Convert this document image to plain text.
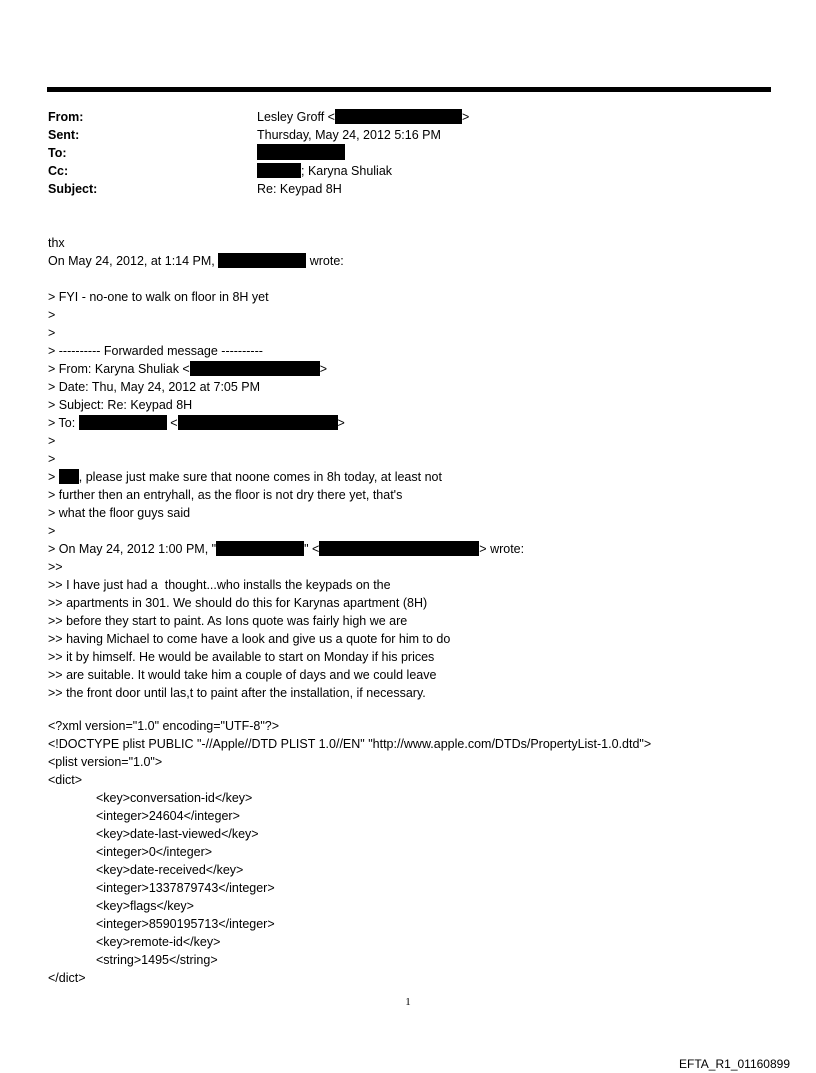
From:	Lesley Groff <	>
Sent:	Thursday, May 24, 2012 5:16 PM
To:
Cc:	; Karyna Shuliak
Subject:	Re: Keypad 8H
thx
On May 24, 2012, at 1:14 PM,	wrote:
> FYI - no-one to walk on floor in 8H yet
>
>
> ---------- Forwarded message ----------
> From: Karyna Shuliak <	>
> Date: Thu, May 24, 2012 at 7:05 PM
> Subject: Re: Keypad 8H
> To:	<	>
>
>
> , please just make sure that noone comes in 8h today, at least not
> further then an entryhall, as the floor is not dry there yet, that's
> what the floor guys said
>
> On May 24, 2012 1:00 PM, "	" <	> wrote:
>>
>> I have just had a  thought...who installs the keypads on the
>> apartments in 301. We should do this for Karynas apartment (8H)
>> before they start to paint. As Ions quote was fairly high we are
>> having Michael to come have a look and give us a quote for him to do
>> it by himself. He would be available to start on Monday if his prices
>> are suitable. It would take him a couple of days and we could leave
>> the front door until las,t to paint after the installation, if necessary.
<?xml version="1.0" encoding="UTF-8"?>
<!DOCTYPE plist PUBLIC "-//Apple//DTD PLIST 1.0//EN" "http://www.apple.com/DTDs/PropertyList-1.0.dtd">
<plist version="1.0">
<dict>
<key>conversation-id</key>
<integer>24604</integer>
<key>date-last-viewed</key>
<integer>0</integer>
<key>date-received</key>
<integer>1337879743</integer>
<key>flags</key>
<integer>8590195713</integer>
<key>remote-id</key>
<string>1495</string>
</dict>
1
EFTA_R1_01160899
